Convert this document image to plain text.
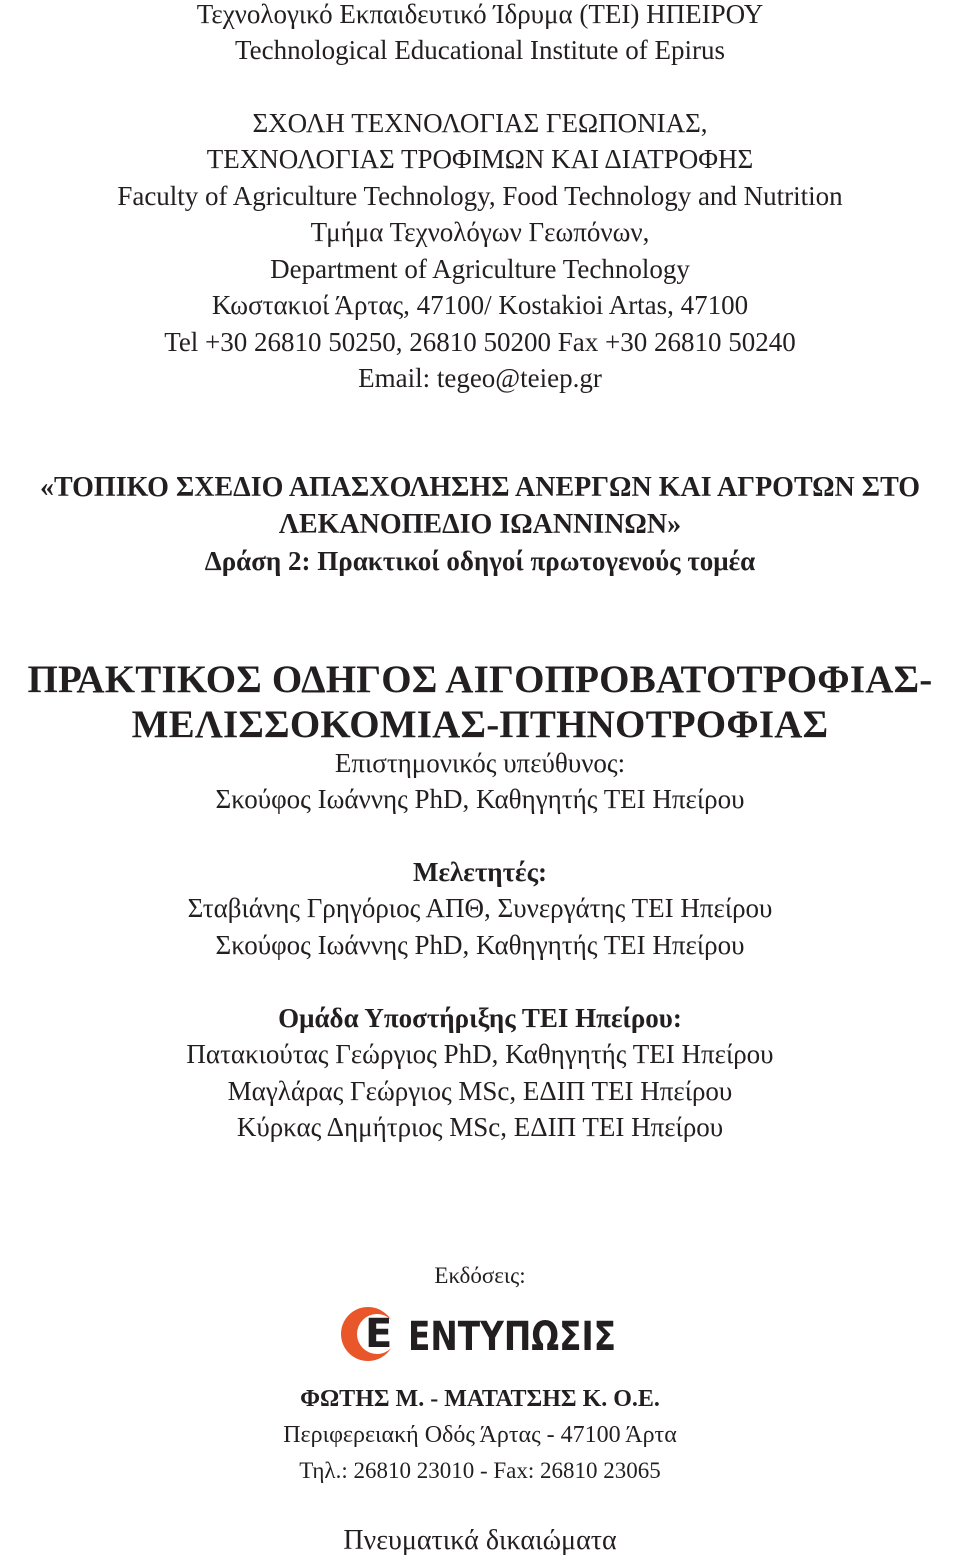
Τεχνολογικό Εκπαιδευτικό Ίδρυμα (ΤΕΙ) ΗΠΕΙΡΟΥ
Technological Educational Institute of Epirus
ΣΧΟΛΗ ΤΕΧΝΟΛΟΓΙΑΣ ΓΕΩΠΟΝΙΑΣ,
ΤΕΧΝΟΛΟΓΙΑΣ ΤΡΟΦΙΜΩΝ ΚΑΙ ΔΙΑΤΡΟΦΗΣ
Faculty of Agriculture Technology, Food Technology and Nutrition
Τμήμα Τεχνολόγων Γεωπόνων,
Department of Agriculture Technology
Κωστακιοί Άρτας, 47100/ Kostakioi Artas, 47100
Tel +30 26810 50250, 26810 50200 Fax +30 26810 50240
Email: tegeo@teiep.gr
«ΤΟΠΙΚΟ ΣΧΕΔΙΟ ΑΠΑΣΧΟΛΗΣΗΣ ΑΝΕΡΓΩΝ ΚΑΙ ΑΓΡΟΤΩΝ ΣΤΟ
ΛΕΚΑΝΟΠΕΔΙΟ ΙΩΑΝΝΙΝΩΝ»
Δράση 2: Πρακτικοί οδηγοί πρωτογενούς τομέα
ΠΡΑΚΤΙΚΟΣ ΟΔΗΓΟΣ ΑΙΓΟΠΡΟΒΑΤΟΤΡΟΦΙΑΣ-
ΜΕΛΙΣΣΟΚΟΜΙΑΣ-ΠΤΗΝΟΤΡΟΦΙΑΣ
Επιστημονικός υπεύθυνος:
Σκούφος Ιωάννης PhD, Καθηγητής ΤΕΙ Ηπείρου
Μελετητές:
Σταβιάνης Γρηγόριος ΑΠΘ, Συνεργάτης ΤΕΙ Ηπείρου
Σκούφος Ιωάννης PhD, Καθηγητής ΤΕΙ Ηπείρου
Ομάδα Υποστήριξης ΤΕΙ Ηπείρου:
Πατακιούτας Γεώργιος PhD, Καθηγητής ΤΕΙ Ηπείρου
Μαγλάρας Γεώργιος MSc, ΕΔΙΠ ΤΕΙ Ηπείρου
Κύρκας Δημήτριος MSc, ΕΔΙΠ ΤΕΙ Ηπείρου
Εκδόσεις:
Ε ΕΝΤΥΠΩΣΙΣ
ΦΩΤΗΣ Μ. - ΜΑΤΑΤΣΗΣ Κ. Ο.Ε.
Περιφερειακή Οδός Άρτας - 47100 Άρτα
Τηλ.: 26810 23010 - Fax: 26810 23065
Πνευματικά δικαιώματα
